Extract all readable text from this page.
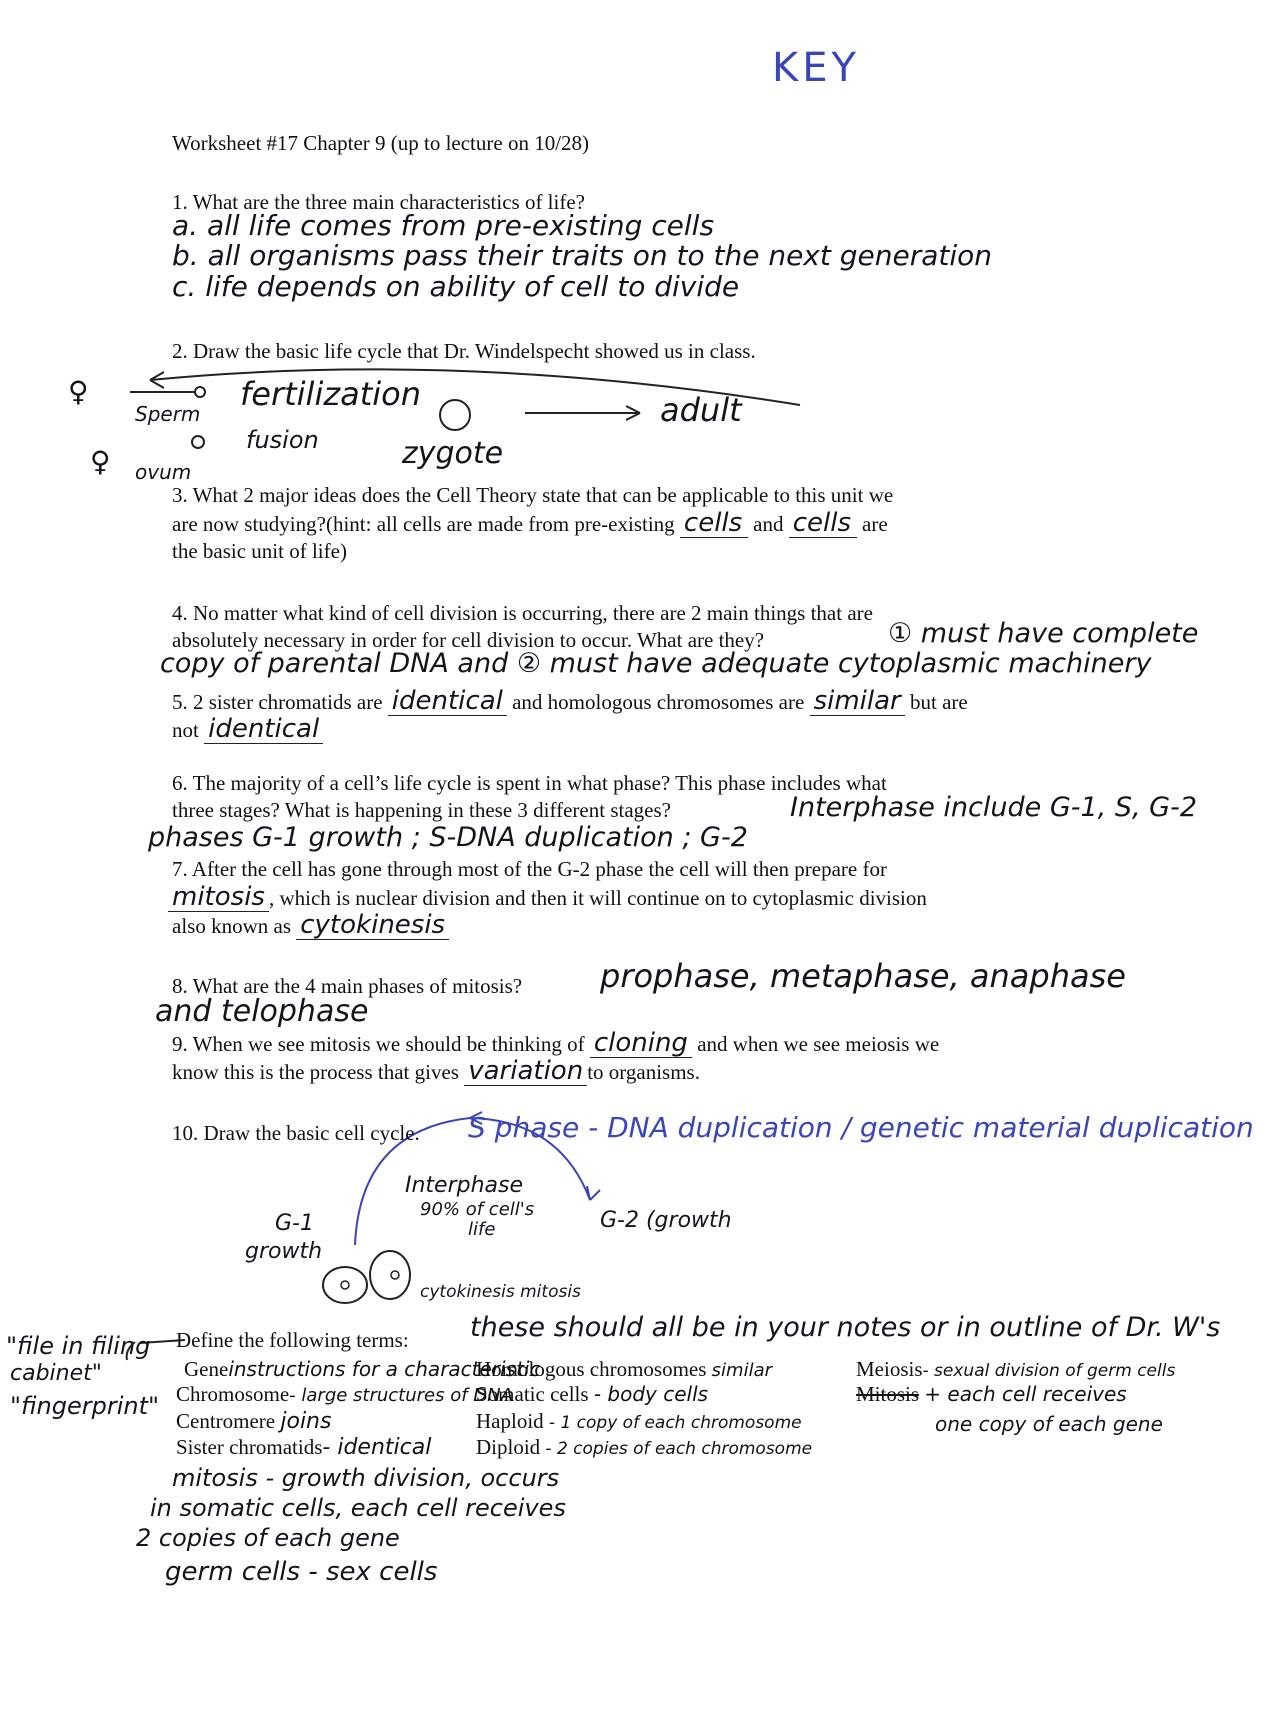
KEY

Worksheet #17 Chapter 9 (up to lecture on 10/28)

1. What are the three main characteristics of life?

a. all life comes from pre-existing cells
b. all organisms pass their traits on to the next generation
c. life depends on ability of cell to divide

2. Draw the basic life cycle that Dr. Windelspecht showed us in class.

♀
♀
Sperm
ovum
fertilization
fusion	zygote
adult

3. What 2 major ideas does the Cell Theory state that can be applicable to this unit we

are now studying?(hint: all cells are made from pre-existing cells and cells are

the basic unit of life)

4. No matter what kind of cell division is occurring, there are 2 main things that are

absolutely necessary in order for cell division to occur. What are they?	① must have complete
copy of parental DNA and ② must have adequate cytoplasmic machinery

5. 2 sister chromatids are identical and homologous chromosomes are similar but are

not identical

6. The majority of a cell’s life cycle is spent in what phase? This phase includes what

three stages? What is happening in these 3 different stages?	Interphase include G-1, S, G-2
phases G-1 growth ; S-DNA duplication ; G-2

7. After the cell has gone through most of the G-2 phase the cell will then prepare for

mitosis , which is nuclear division and then it will continue on to cytoplasmic division

also known as cytokinesis

8. What are the 4 main phases of mitosis? prophase, metaphase, anaphase
and telophase

9. When we see mitosis we should be thinking of cloning and when we see meiosis we

know this is the process that gives variation to organisms.

10. Draw the basic cell cycle. S phase - DNA duplication / genetic material duplication
Interphase
90% of cell's
life
G-1
growth
G-2 (growth
cytokinesis mitosis

Define the following terms: these should all be in your notes or in outline of Dr. W's
"file in filing
cabinet"
"fingerprint"

Geneinstructions for a characteristic

Chromosome- large structures of DNA

Centromere joins

Sister chromatids- identical

Homologous chromosomes similar

Somatic cells - body cells

Haploid - 1 copy of each chromosome

Diploid - 2 copies of each chromosome

Meiosis- sexual division of germ cells

Mitosis + each cell receives

one copy of each gene
mitosis - growth division, occurs
in somatic cells, each cell receives
2 copies of each gene
germ cells - sex cells
